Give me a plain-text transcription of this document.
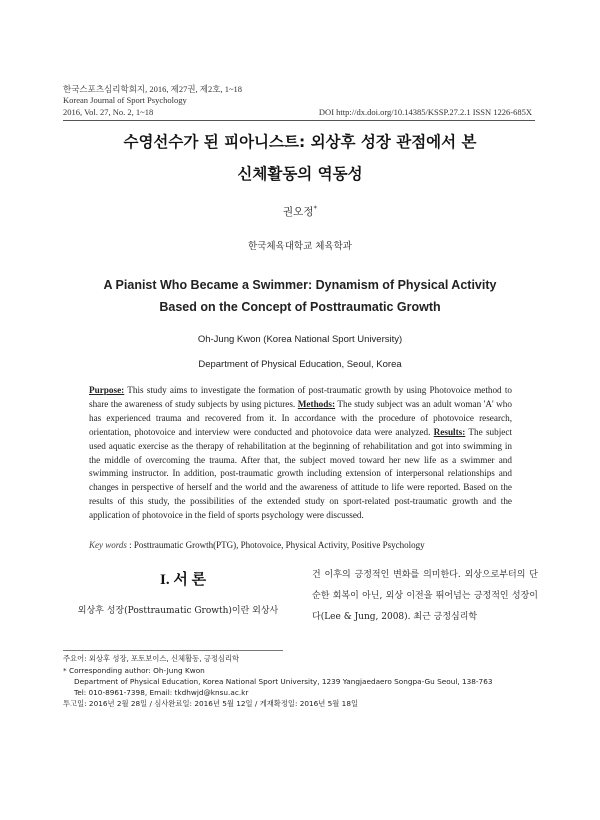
한국스포츠심리학회지, 2016, 제27권, 제2호, 1~18
Korean Journal of Sport Psychology
2016, Vol. 27, No. 2, 1~18	DOI http://dx.doi.org/10.14385/KSSP.27.2.1 ISSN 1226-685X
수영선수가 된 피아니스트: 외상후 성장 관점에서 본
신체활동의 역동성
권오정*
한국체육대학교 체육학과
A Pianist Who Became a Swimmer: Dynamism of Physical Activity
Based on the Concept of Posttraumatic Growth
Oh-Jung Kwon (Korea National Sport University)
Department of Physical Education, Seoul, Korea
Purpose: This study aims to investigate the formation of post-traumatic growth by using Photovoice method to share the awareness of study subjects by using pictures. Methods: The study subject was an adult woman 'A' who has experienced trauma and recovered from it. In accordance with the procedure of photovoice research, orientation, photovoice and interview were conducted and photovoice data were analyzed. Results: The subject used aquatic exercise as the therapy of rehabilitation at the beginning of rehabilitation and got into swimming in the middle of overcoming the trauma. After that, the subject moved toward her new life as a swimmer and swimming instructor. In addition, post-traumatic growth including extension of interpersonal relationships and changes in perspective of herself and the world and the awareness of attitude to life were reported. Based on the results of this study, the possibilities of the extended study on sport-related post-traumatic growth and the application of photovoice in the field of sports psychology were discussed.
Key words : Posttraumatic Growth(PTG), Photovoice, Physical Activity, Positive Psychology
I. 서 론
외상후 성장(Posttraumatic Growth)이란 외상사
건 이후의 긍정적인 변화를 의미한다. 외상으로부터의 단순한 회복이 아닌, 외상 이전을 뛰어넘는 긍정적인 성장이다(Lee & Jung, 2008). 최근 긍정심리학
주요어: 외상후 성장, 포토보이스, 신체활동, 긍정심리학
* Corresponding author: Oh-Jung Kwon
Department of Physical Education, Korea National Sport University, 1239 Yangjaedaero Songpa-Gu Seoul, 138-763
Tel: 010-8961-7398, Email: tkdhwjd@knsu.ac.kr
투고일: 2016년 2월 28일 / 심사완료일: 2016년 5월 12일 / 게재확정일: 2016년 5월 18일
